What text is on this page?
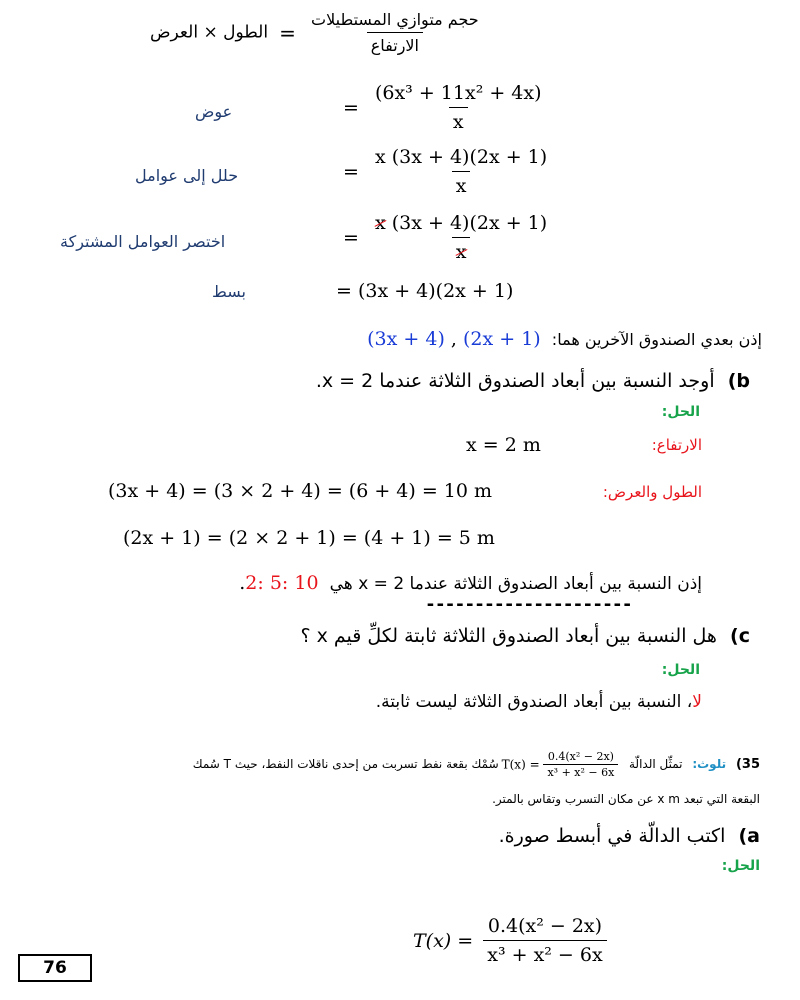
الطول × العرض = $\frac{\text{حجم متوازي المستطيلات}}{\text{الارتفاع}}$
عوض	= $\frac{\text{(6x³ + 11x² + 4x)}}{x}$
حلل إلى عوامل	= $\frac{x (3x + 4)(2x + 1)}{x}$
اختصر العوامل المشتركة	= $\frac{x (3x + 4)(2x + 1)}{x}$
بسط	= (3x + 4)(2x + 1)
إذن بعدي الصندوق الآخرين هما: (3x + 4) , (2x + 1)
b) أوجد النسبة بين أبعاد الصندوق الثلاثة عندما 2 = x.
الحل:
الارتفاع:
x = 2 m
الطول والعرض:
(3x + 4) = (3 × 2 + 4) = (6 + 4) = 10 m
(2x + 1) = (2 × 2 + 1) = (4 + 1) = 5 m
إذن النسبة بين أبعاد الصندوق الثلاثة عندما 2 = x هي 2: 5: 10.
---------------------
c) هل النسبة بين أبعاد الصندوق الثلاثة ثابتة لكلِّ قيم x ؟
الحل:
لا، النسبة بين أبعاد الصندوق الثلاثة ليست ثابتة.
35) تلوث: تمثِّل الدالّة $T(x) = \frac{\text{0.4(x² − 2x)}}{\text{x³ + x² − 6x}}$
سُمْك بقعة نفط تسربت من إحدى ناقلات النفط، حيث T سُمك
البقعة التي تبعد x m عن مكان التسرب وتقاس بالمتر.
a) اكتب الدالّة في أبسط صورة.
الحل:
$T(x) = \frac{\text{0.4(x² − 2x)}}{\text{x³ + x² − 6x}}$
76
